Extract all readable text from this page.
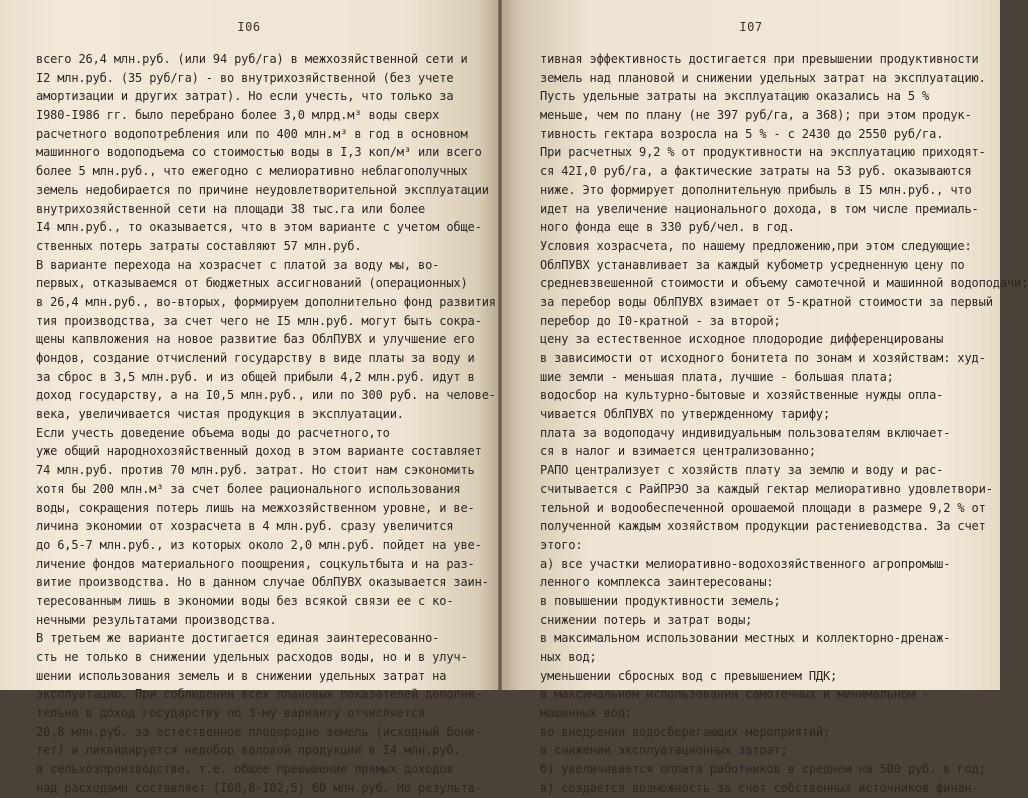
I06
всего 26,4 млн.руб. (или 94 руб/га) в межхозяйственной сети и
I2 млн.руб. (35 руб/га) - во внутрихозяйственной (без учете
амортизации и других затрат). Но если учесть, что только за
I980-I986 гг. было перебрано более 3,0 млрд.м³ воды сверх
расчетного водопотребления или по 400 млн.м³ в год в основном
машинного водоподъема со стоимостью воды в I,3 коп/м³ или всего
более 5 млн.руб., что ежегодно с мелиоративно неблагополучных
земель недобирается по причине неудовлетворительной эксплуатации
внутрихозяйственной сети на площади 38 тыс.га или более
I4 млн.руб., то оказывается, что в этом варианте с учетом обще-
ственных потерь затраты составляют 57 млн.руб.
В варианте перехода на хозрасчет с платой за воду мы, во-
первых, отказываемся от бюджетных ассигнований (операционных)
в 26,4 млн.руб., во-вторых, формируем дополнительно фонд развития
тия производства, за счет чего не I5 млн.руб. могут быть сокра-
щены капвложения на новое развитие баз ОблПУВХ и улучшение его
фондов, создание отчислений государству в виде платы за воду и
за сброс в 3,5 млн.руб. и из общей прибыли 4,2 млн.руб. идут в
доход государству, а на I0,5 млн.руб., или по 300 руб. на челове-
века, увеличивается чистая продукция в эксплуатации.
Если учесть доведение объема воды до расчетного,то
уже общий народнохозяйственный доход в этом варианте составляет
74 млн.руб. против 70 млн.руб. затрат. Но стоит нам сэкономить
хотя бы 200 млн.м³ за счет более рационального использования
воды, сокращения потерь лишь на межхозяйственном уровне, и ве-
личина экономии от хозрасчета в 4 млн.руб. сразу увеличится
до 6,5-7 млн.руб., из которых около 2,0 млн.руб. пойдет на уве-
личение фондов материального поощрения, соцкультбыта и на раз-
витие производства. Но в данном случае ОблПУВХ оказывается заин-
тересованным лишь в экономии воды без всякой связи ее с ко-
нечными результатами производства.
В третьем же варианте достигается единая заинтересованно-
сть не только в снижении удельных расходов воды, но и в улуч-
шении использования земель и в снижении удельных затрат на
эксплуатацию. При соблюдении всех плановых показателей дополни-
тельно в доход государству по 3-му варианту отчисляется
20,8 млн.руб. за естественное плодородие земель (исходный бони-
тет) и ликвидируется недобор валовой продукции в I4 млн.руб.
в сельхозпроизводстве, т.е. общее превышение прямых доходов
над расходами составляет (I08,8-I02,5) 60 млн.руб. Но результа-
I07
тивная эффективность достигается при превышении продуктивности
земель над плановой и снижении удельных затрат на эксплуатацию.
Пусть удельные затраты на эксплуатацию оказались на 5 %
меньше, чем по плану (не 397 руб/га, а 368); при этом продук-
тивность гектара возросла на 5 % - с 2430 до 2550 руб/га.
При расчетных 9,2 % от продуктивности на эксплуатацию приходят-
ся 42I,0 руб/га, а фактические затраты на 53 руб. оказываются
ниже. Это формирует дополнительную прибыль в I5 млн.руб., что
идет на увеличение национального дохода, в том числе премиаль-
ного фонда еще в 330 руб/чел. в год.
Условия хозрасчета, по нашему предложению,при этом следующие:
ОблПУВХ устанавливает за каждый кубометр усредненную цену по
средневзвешенной стоимости и объему самотечной и машинной водоподачи;
за перебор воды ОблПУВХ взимает от 5-кратной стоимости за первый
перебор до I0-кратной - за второй;
цену за естественное исходное плодородие дифференцированы
в зависимости от исходного бонитета по зонам и хозяйствам: худ-
шие земли - меньшая плата, лучшие - большая плата;
водосбор на культурно-бытовые и хозяйственные нужды опла-
чивается ОблПУВХ по утвержденному тарифу;
плата за водоподачу индивидуальным пользователям включает-
ся в налог и взимается централизованно;
РАПО централизует с хозяйств плату за землю и воду и рас-
считывается с РайПРЭО за каждый гектар мелиоративно удовлетвори-
тельной и водообеспеченной орошаемой площади в размере 9,2 % от
полученной каждым хозяйством продукции растениеводства. За счет
этого:
а) все участки мелиоративно-водохозяйственного агропромыш-
ленного комплекса заинтересованы:
в повышении продуктивности земель;
снижении потерь и затрат воды;
в максимальном использовании местных и коллекторно-дренаж-
ных вод;
уменьшении сбросных вод с превышением ПДК;
в максимальном использовании самотечных и минимальном -
машинных вод;
во внедрении водосберегающих мероприятий;
в снижении эксплуатационных затрат;
б) увеличивается оплата работников в среднем на 500 руб. в год;
в) создается возможность за счет собственных источников финан-
